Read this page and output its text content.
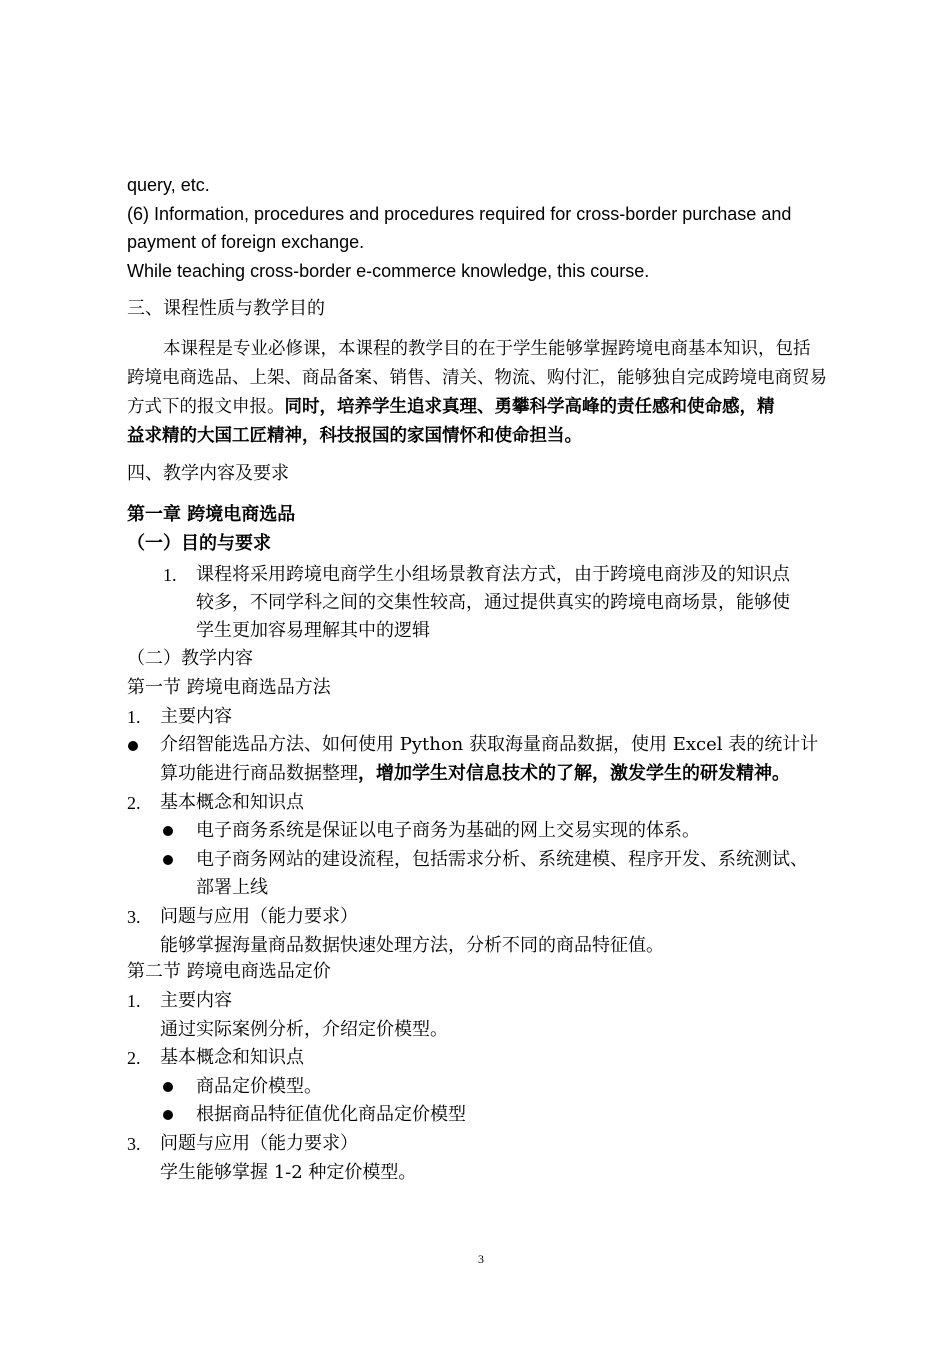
query, etc.
(6) Information, procedures and procedures required for cross-border purchase and
payment of foreign exchange.
While teaching cross-border e-commerce knowledge, this course.
三、课程性质与教学目的
本课程是专业必修课，本课程的教学目的在于学生能够掌握跨境电商基本知识，包括
跨境电商选品、上架、商品备案、销售、清关、物流、购付汇，能够独自完成跨境电商贸易
方式下的报文申报。同时，培养学生追求真理、勇攀科学高峰的责任感和使命感，精
益求精的大国工匠精神，科技报国的家国情怀和使命担当。
四、教学内容及要求
第一章 跨境电商选品
（一）目的与要求
1. 课程将采用跨境电商学生小组场景教育法方式，由于跨境电商涉及的知识点
较多，不同学科之间的交集性较高，通过提供真实的跨境电商场景，能够使
学生更加容易理解其中的逻辑
（二）教学内容
第一节 跨境电商选品方法
1. 主要内容
介绍智能选品方法、如何使用 Python 获取海量商品数据，使用 Excel 表的统计计
算功能进行商品数据整理，增加学生对信息技术的了解，激发学生的研发精神。
2. 基本概念和知识点
电子商务系统是保证以电子商务为基础的网上交易实现的体系。
电子商务网站的建设流程，包括需求分析、系统建模、程序开发、系统测试、
部署上线
3. 问题与应用（能力要求）
能够掌握海量商品数据快速处理方法，分析不同的商品特征值。
第二节 跨境电商选品定价
1. 主要内容
通过实际案例分析，介绍定价模型。
2. 基本概念和知识点
商品定价模型。
根据商品特征值优化商品定价模型
3. 问题与应用（能力要求）
学生能够掌握 1-2 种定价模型。
3
